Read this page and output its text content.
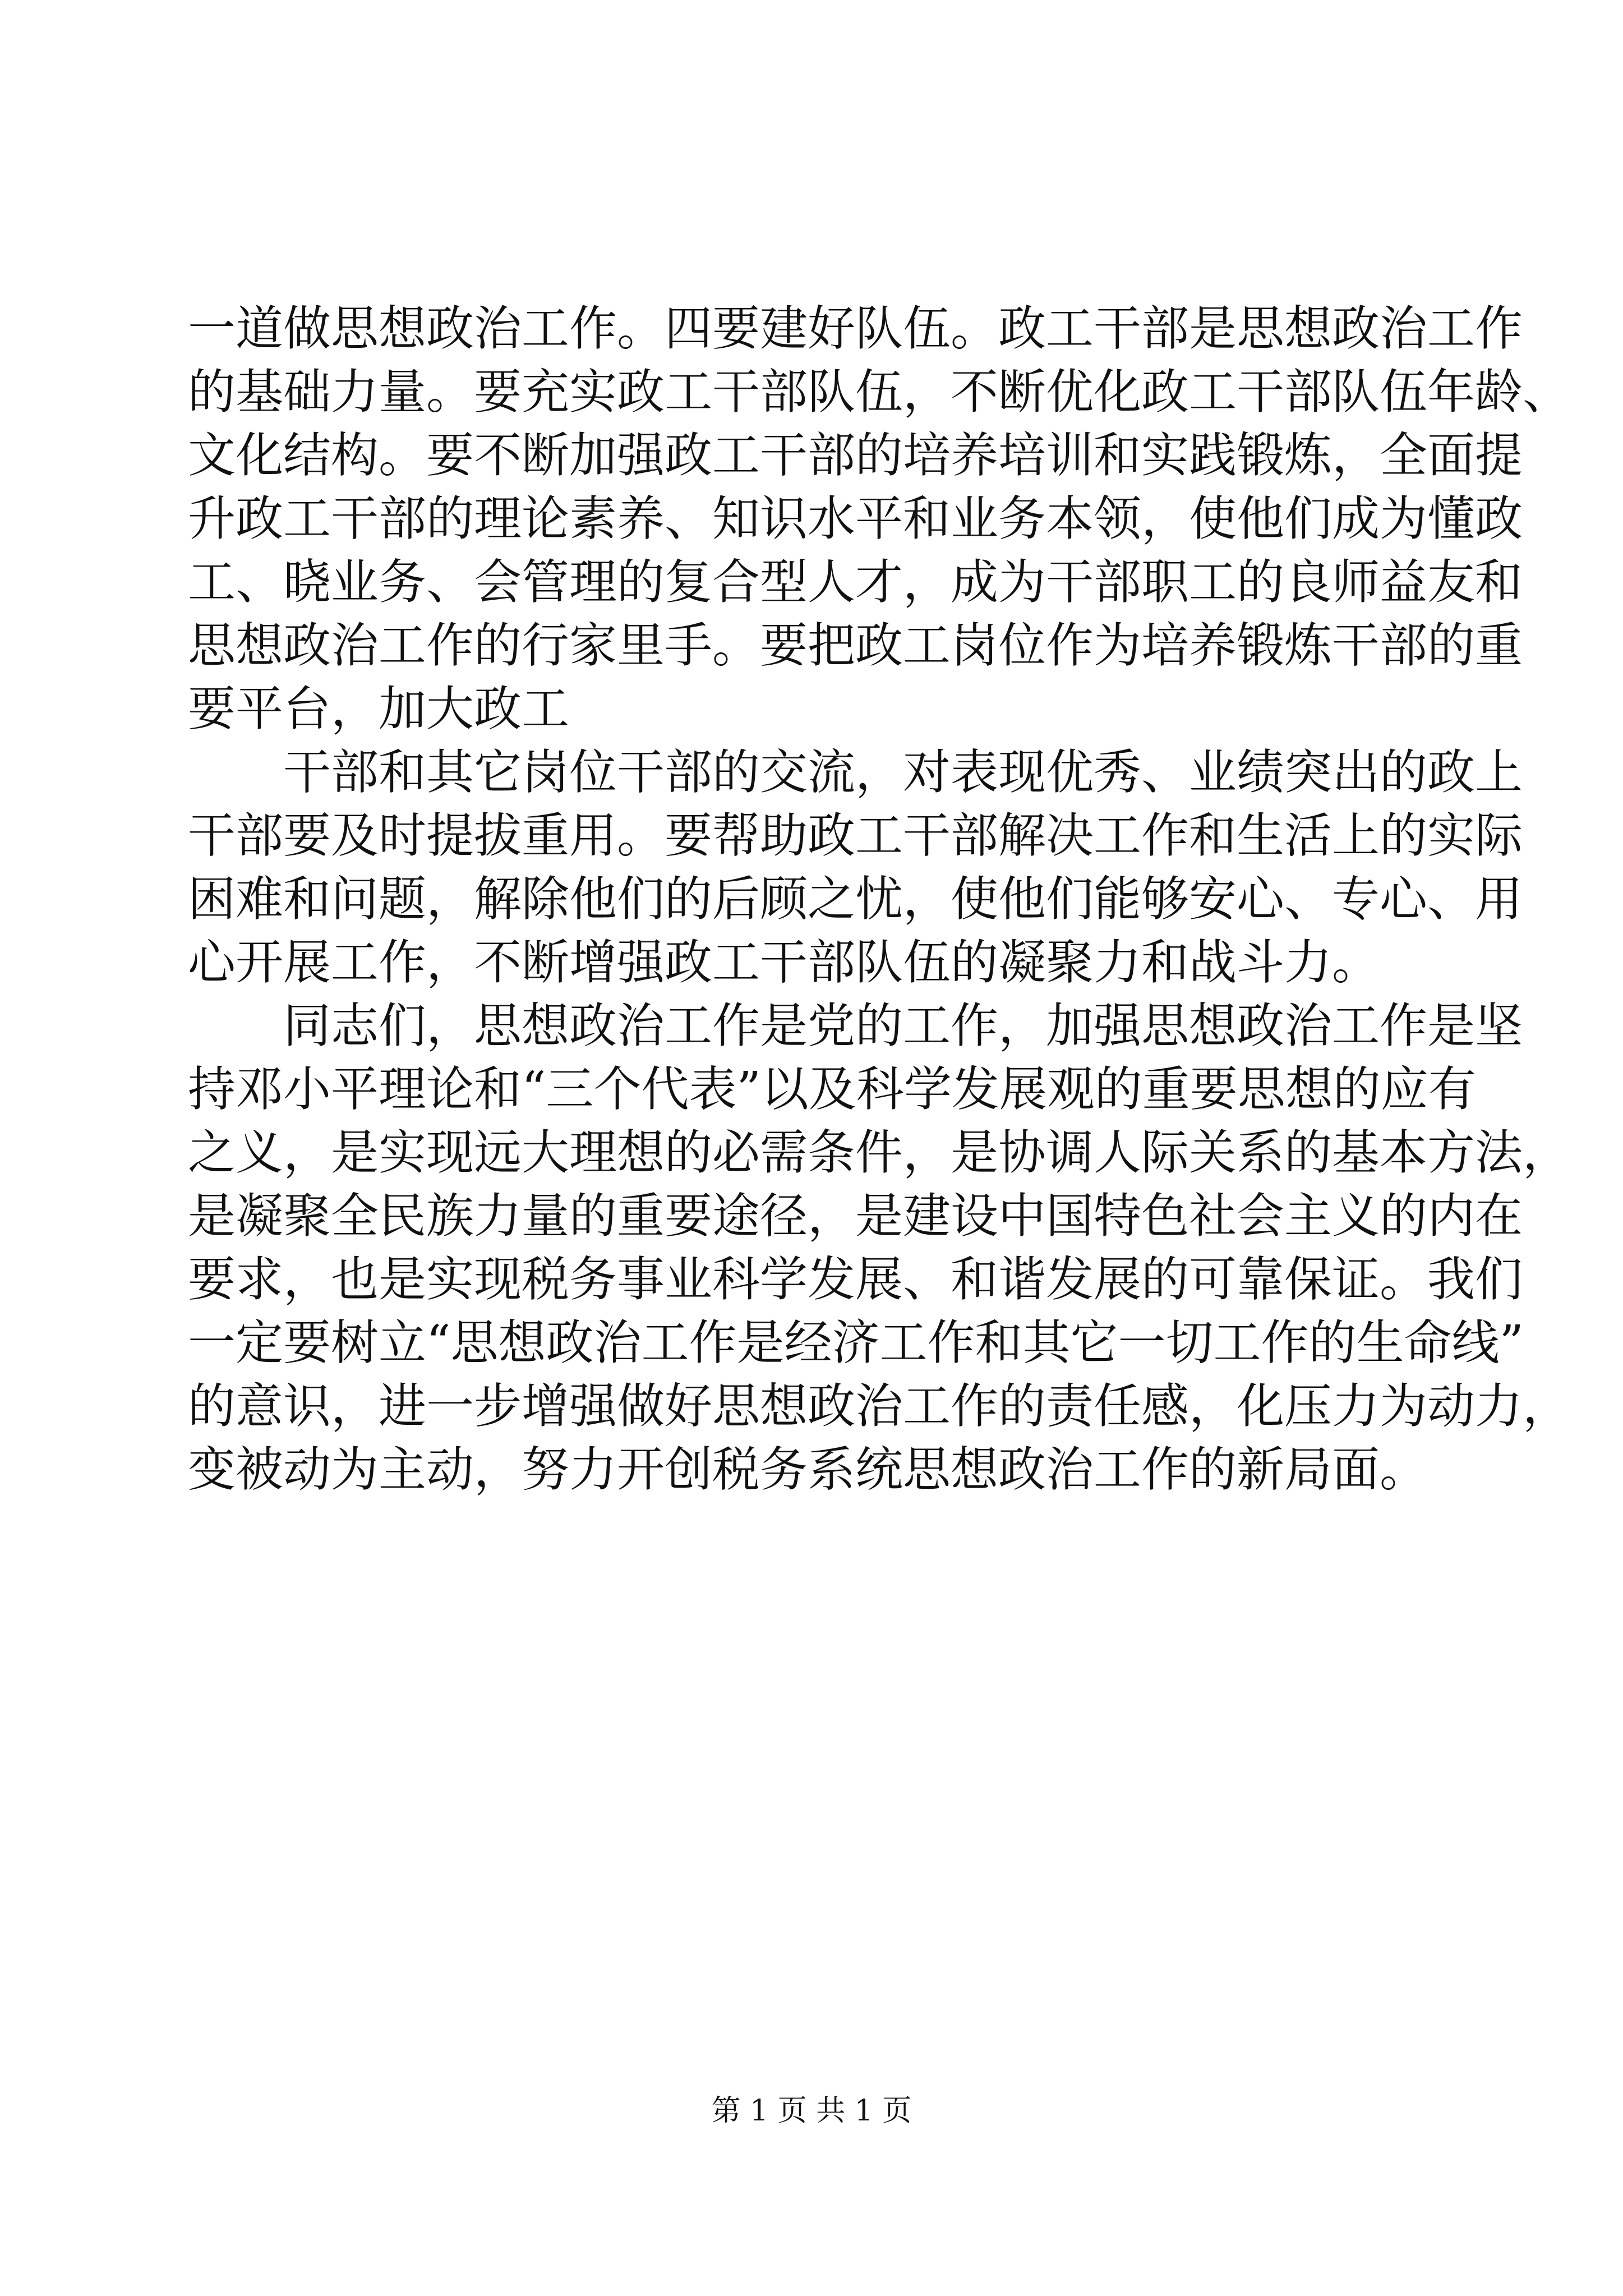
一道做思想政治工作。四要建好队伍。政工干部是思想政治工作
的基础力量。要充实政工干部队伍，不断优化政工干部队伍年龄、
文化结构。要不断加强政工干部的培养培训和实践锻炼，全面提
升政工干部的理论素养、知识水平和业务本领，使他们成为懂政
工、晓业务、会管理的复合型人才，成为干部职工的良师益友和
思想政治工作的行家里手。要把政工岗位作为培养锻炼干部的重
要平台，加大政工
　　干部和其它岗位干部的交流，对表现优秀、业绩突出的政上
干部要及时提拔重用。要帮助政工干部解决工作和生活上的实际
困难和问题，解除他们的后顾之忧，使他们能够安心、专心、用
心开展工作，不断增强政工干部队伍的凝聚力和战斗力。
　　同志们，思想政治工作是党的工作，加强思想政治工作是坚
持邓小平理论和“三个代表”以及科学发展观的重要思想的应有
之义，是实现远大理想的必需条件，是协调人际关系的基本方法，
是凝聚全民族力量的重要途径，是建设中国特色社会主义的内在
要求，也是实现税务事业科学发展、和谐发展的可靠保证。我们
一定要树立“思想政治工作是经济工作和其它一切工作的生命线”
的意识，进一步增强做好思想政治工作的责任感，化压力为动力，
变被动为主动，努力开创税务系统思想政治工作的新局面。
第 1 页 共 1 页
